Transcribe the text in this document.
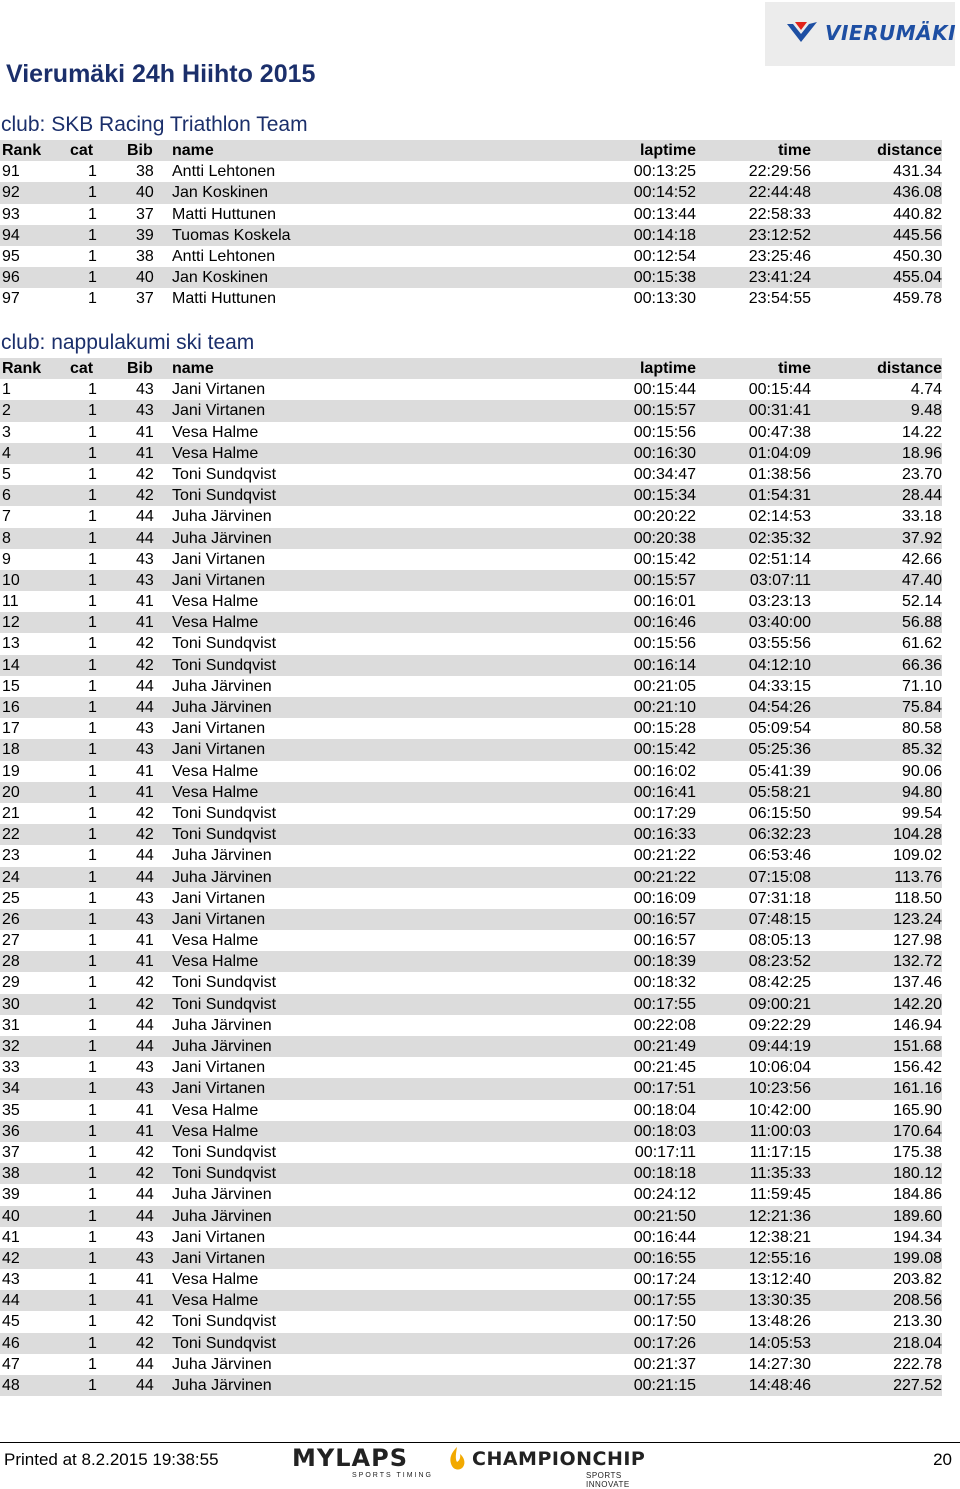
VIERUMÄKI
Vierumäki 24h Hiihto 2015
club: SKB Racing Triathlon Team
Rank cat Bib name	laptime	time	distance
91	1 38 Antti Lehtonen	00:13:25	22:29:56	431.34
92	1 40 Jan Koskinen	00:14:52	22:44:48	436.08
93	1 37 Matti Huttunen	00:13:44	22:58:33	440.82
94	1 39 Tuomas Koskela	00:14:18	23:12:52	445.56
95	1 38 Antti Lehtonen	00:12:54	23:25:46	450.30
96	1 40 Jan Koskinen	00:15:38	23:41:24	455.04
97	1 37 Matti Huttunen	00:13:30	23:54:55	459.78
club: nappulakumi ski team
Rank cat Bib name	laptime	time	distance
1	1 43 Jani Virtanen	00:15:44	00:15:44	4.74
2	1 43 Jani Virtanen	00:15:57	00:31:41	9.48
3	1 41 Vesa Halme	00:15:56	00:47:38	14.22
4	1 41 Vesa Halme	00:16:30	01:04:09	18.96
5	1 42 Toni Sundqvist	00:34:47	01:38:56	23.70
6	1 42 Toni Sundqvist	00:15:34	01:54:31	28.44
7	1 44 Juha Järvinen	00:20:22	02:14:53	33.18
8	1 44 Juha Järvinen	00:20:38	02:35:32	37.92
9	1 43 Jani Virtanen	00:15:42	02:51:14	42.66
10	1 43 Jani Virtanen	00:15:57	03:07:11	47.40
11	1 41 Vesa Halme	00:16:01	03:23:13	52.14
12	1 41 Vesa Halme	00:16:46	03:40:00	56.88
13	1 42 Toni Sundqvist	00:15:56	03:55:56	61.62
14	1 42 Toni Sundqvist	00:16:14	04:12:10	66.36
15	1 44 Juha Järvinen	00:21:05	04:33:15	71.10
16	1 44 Juha Järvinen	00:21:10	04:54:26	75.84
17	1 43 Jani Virtanen	00:15:28	05:09:54	80.58
18	1 43 Jani Virtanen	00:15:42	05:25:36	85.32
19	1 41 Vesa Halme	00:16:02	05:41:39	90.06
20	1 41 Vesa Halme	00:16:41	05:58:21	94.80
21	1 42 Toni Sundqvist	00:17:29	06:15:50	99.54
22	1 42 Toni Sundqvist	00:16:33	06:32:23	104.28
23	1 44 Juha Järvinen	00:21:22	06:53:46	109.02
24	1 44 Juha Järvinen	00:21:22	07:15:08	113.76
25	1 43 Jani Virtanen	00:16:09	07:31:18	118.50
26	1 43 Jani Virtanen	00:16:57	07:48:15	123.24
27	1 41 Vesa Halme	00:16:57	08:05:13	127.98
28	1 41 Vesa Halme	00:18:39	08:23:52	132.72
29	1 42 Toni Sundqvist	00:18:32	08:42:25	137.46
30	1 42 Toni Sundqvist	00:17:55	09:00:21	142.20
31	1 44 Juha Järvinen	00:22:08	09:22:29	146.94
32	1 44 Juha Järvinen	00:21:49	09:44:19	151.68
33	1 43 Jani Virtanen	00:21:45	10:06:04	156.42
34	1 43 Jani Virtanen	00:17:51	10:23:56	161.16
35	1 41 Vesa Halme	00:18:04	10:42:00	165.90
36	1 41 Vesa Halme	00:18:03	11:00:03	170.64
37	1 42 Toni Sundqvist	00:17:11	11:17:15	175.38
38	1 42 Toni Sundqvist	00:18:18	11:35:33	180.12
39	1 44 Juha Järvinen	00:24:12	11:59:45	184.86
40	1 44 Juha Järvinen	00:21:50	12:21:36	189.60
41	1 43 Jani Virtanen	00:16:44	12:38:21	194.34
42	1 43 Jani Virtanen	00:16:55	12:55:16	199.08
43	1 41 Vesa Halme	00:17:24	13:12:40	203.82
44	1 41 Vesa Halme	00:17:55	13:30:35	208.56
45	1 42 Toni Sundqvist	00:17:50	13:48:26	213.30
46	1 42 Toni Sundqvist	00:17:26	14:05:53	218.04
47	1 44 Juha Järvinen	00:21:37	14:27:30	222.78
48	1 44 Juha Järvinen	00:21:15	14:48:46	227.52
Printed at 8.2.2015 19:38:55	MYLAPS
SPORTS TIMING
CHAMPIONCHIP
SPORTS INNOVATE
20
